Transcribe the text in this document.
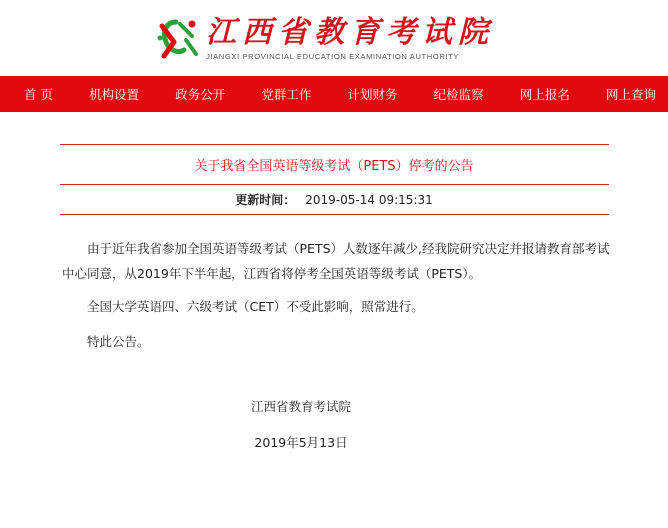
江西省教育考试院
JIANGXI PROVINCIAL EDUCATION EXAMINATION AUTHORITY
首 页	机构设置	政务公开	党群工作	计划财务	纪检监察	网上报名	网上查询
关于我省全国英语等级考试（PETS）停考的公告
更新时间： 2019-05-14 09:15:31

由于近年我省参加全国英语等级考试（PETS）人数逐年减少,经我院研究决定并报请教育部考试中心同意，从2019年下半年起，江西省将停考全国英语等级考试（PETS）。

全国大学英语四、六级考试（CET）不受此影响，照常进行。

特此公告。

江西省教育考试院
2019年5月13日
